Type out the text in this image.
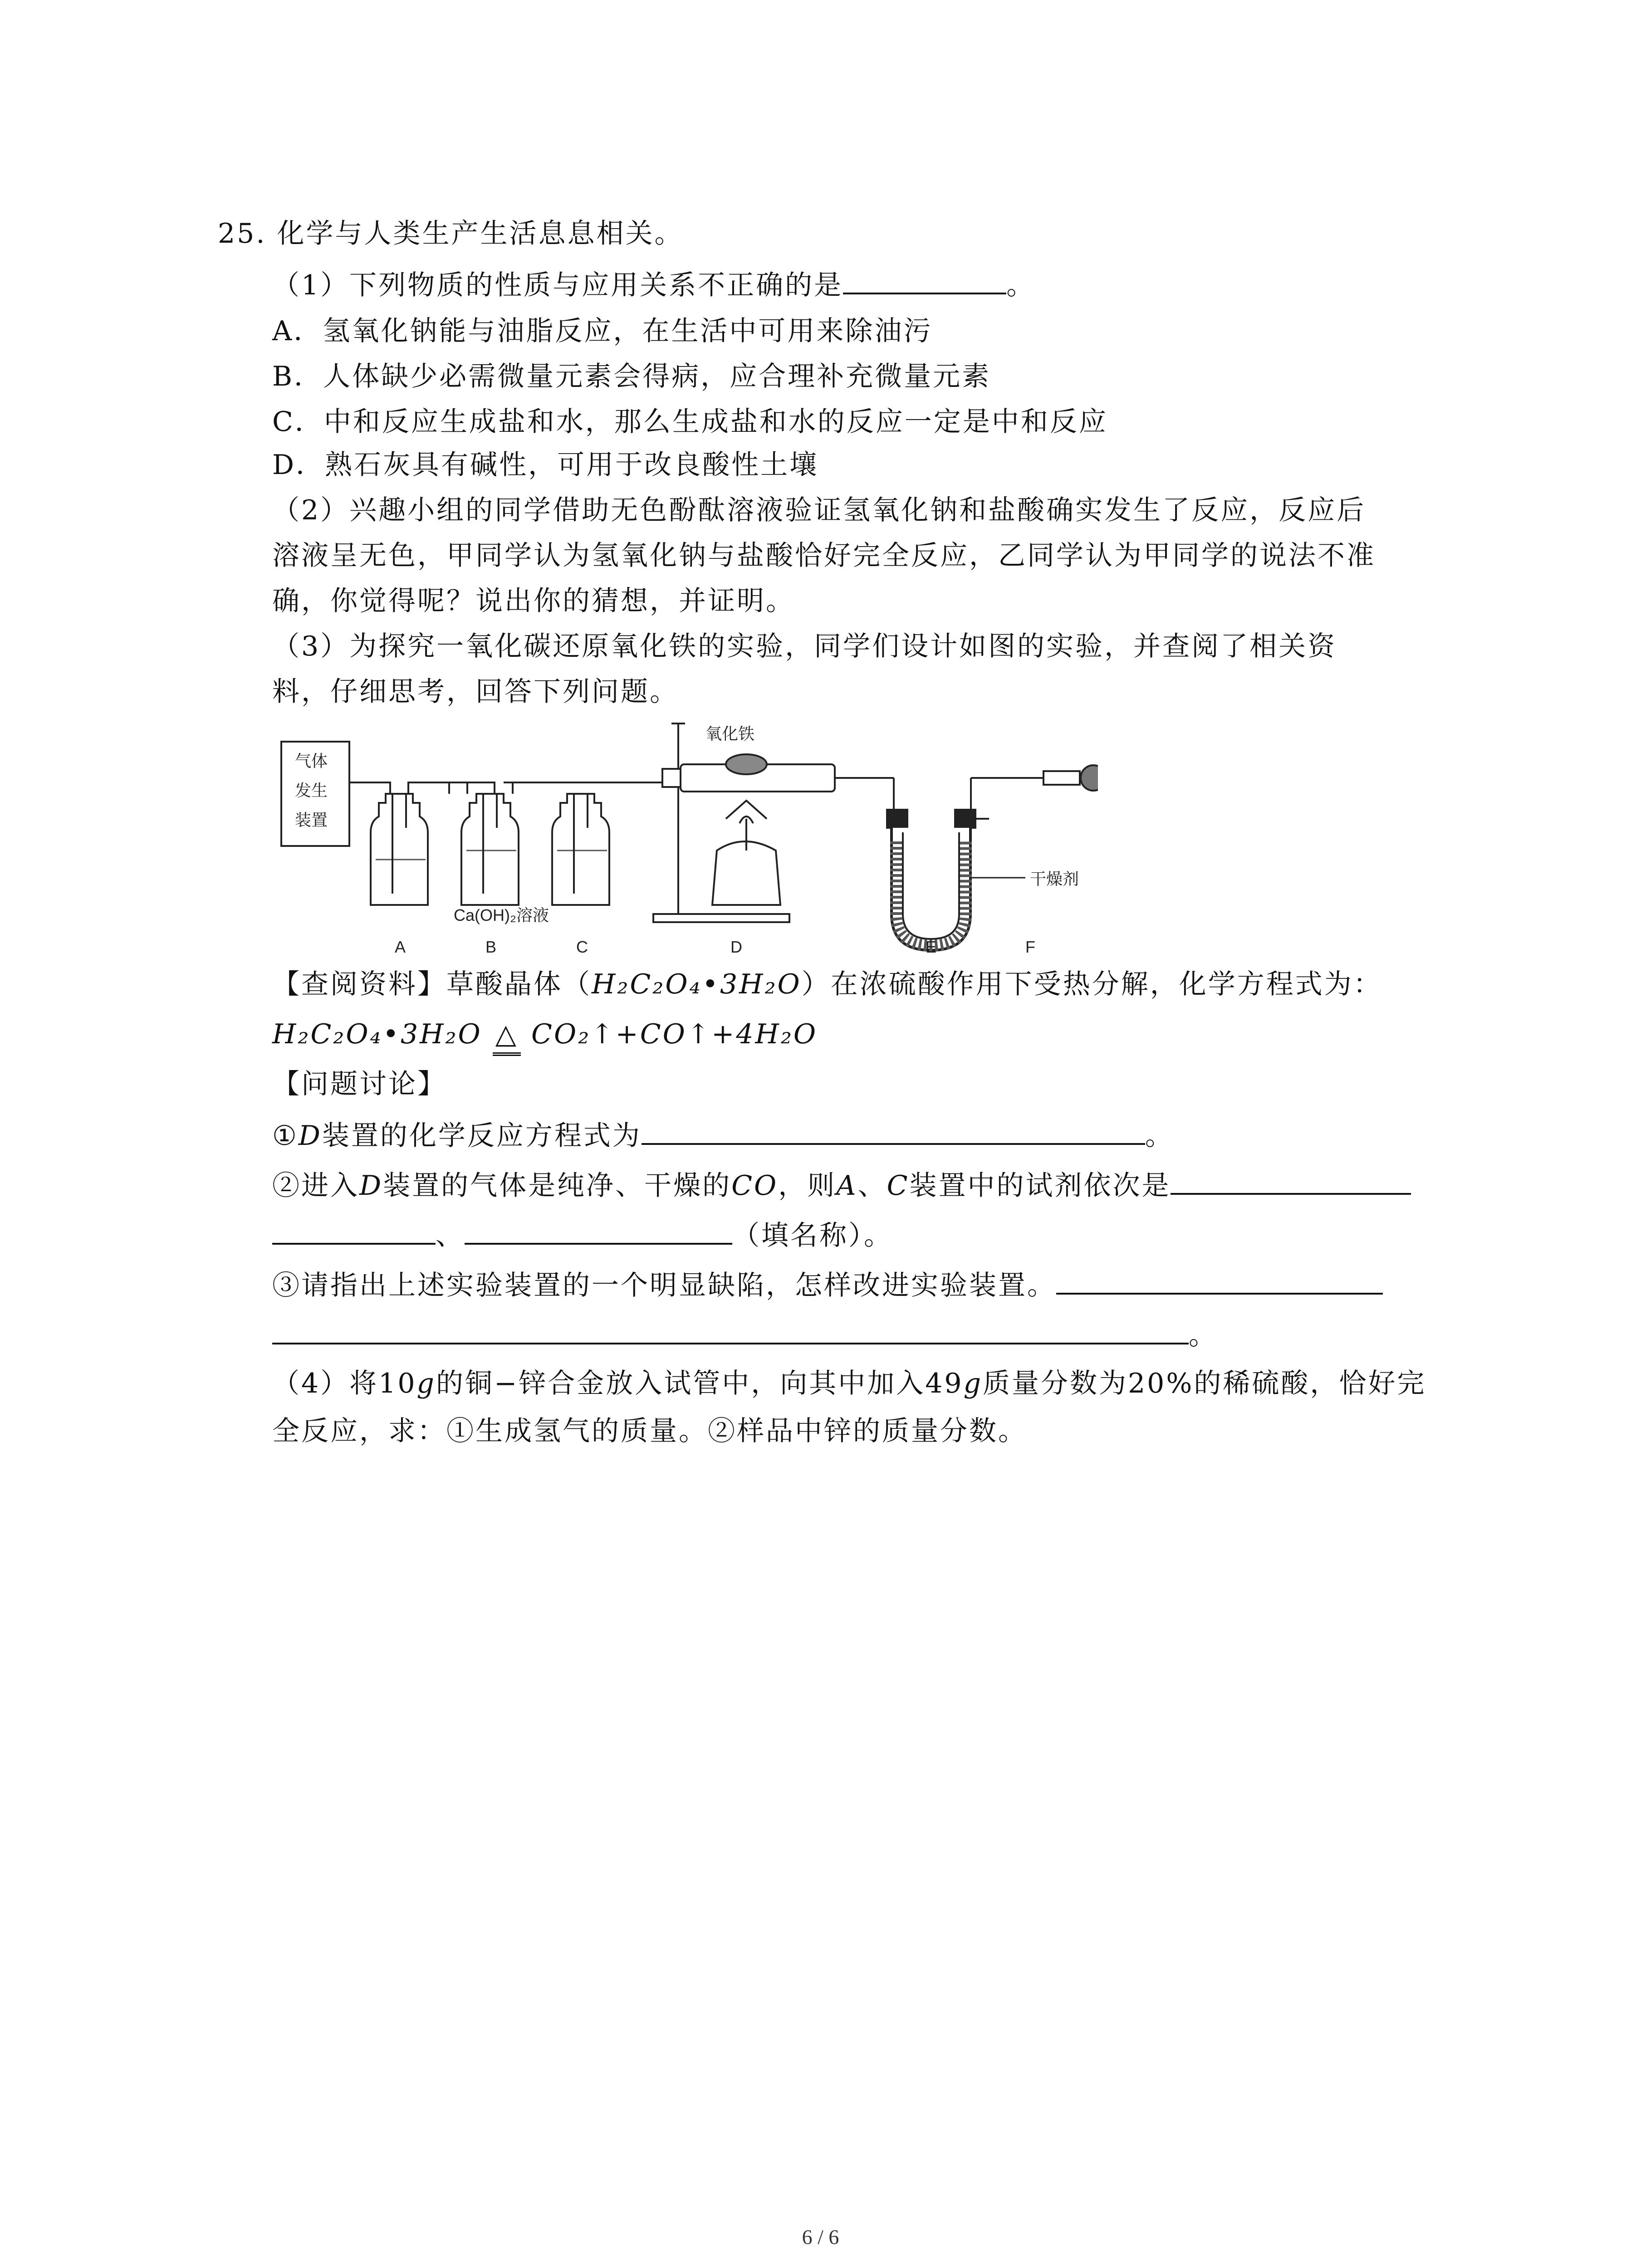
25. 化学与人类生产生活息息相关。
（1）下列物质的性质与应用关系不正确的是	。
A．氢氧化钠能与油脂反应，在生活中可用来除油污
B．人体缺少必需微量元素会得病，应合理补充微量元素
C．中和反应生成盐和水，那么生成盐和水的反应一定是中和反应
D．熟石灰具有碱性，可用于改良酸性土壤
（2）兴趣小组的同学借助无色酚酞溶液验证氢氧化钠和盐酸确实发生了反应，反应后
溶液呈无色，甲同学认为氢氧化钠与盐酸恰好完全反应，乙同学认为甲同学的说法不准
确，你觉得呢？说出你的猜想，并证明。
（3）为探究一氧化碳还原氧化铁的实验，同学们设计如图的实验，并查阅了相关资
料，仔细思考，回答下列问题。
气体
发生
装置
氧化铁
干燥剂
Ca(OH)₂溶液
A	B	C	D	E	F
【查阅资料】草酸晶体（H₂C₂O₄•3H₂O）在浓硫酸作用下受热分解，化学方程式为：
H₂C₂O₄•3H₂O △ CO₂↑+CO↑+4H₂O
【问题讨论】
①D装置的化学反应方程式为	。
②进入D装置的气体是纯净、干燥的CO，则A、C装置中的试剂依次是
、	（填名称）。
③请指出上述实验装置的一个明显缺陷，怎样改进实验装置。
。
（4）将10g的铜−锌合金放入试管中，向其中加入49g质量分数为20%的稀硫酸，恰好完
全反应，求：①生成氢气的质量。②样品中锌的质量分数。
6 / 6
